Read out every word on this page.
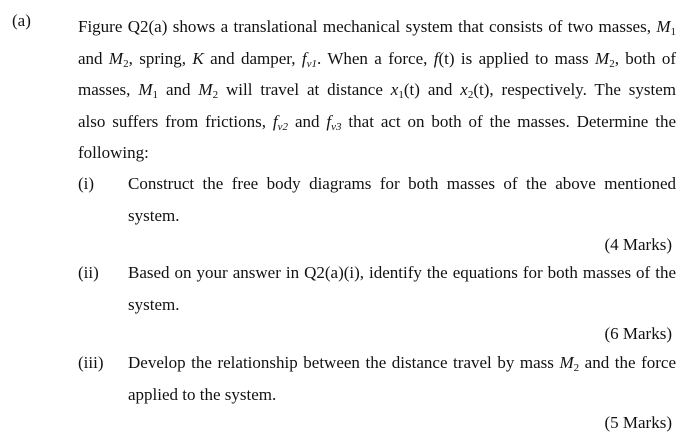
(a)	Figure Q2(a) shows a translational mechanical system that consists of two masses, $M_1$
and $M_2$, spring, K and damper, $f_{v1}$. When a force, f(t) is applied to mass $M_2$, both of
masses, $M_1$ and $M_2$ will travel at distance $x_1(t)$ and $x_2(t)$, respectively. The system
also suffers from frictions, $f_{v2}$ and $f_{v3}$ that act on both of the masses. Determine the
following:
(i) Construct the free body diagrams for both masses of the above mentioned
system.
(4 Marks)
(ii) Based on your answer in Q2(a)(i), identify the equations for both masses of the
system.
(6 Marks)
(iii) Develop the relationship between the distance travel by mass $M_2$ and the force
applied to the system.
(5 Marks)
